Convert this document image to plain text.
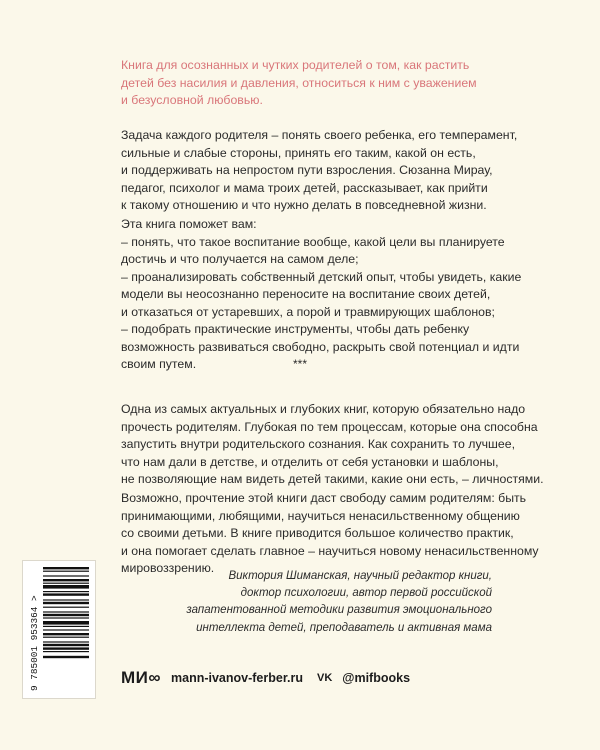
Книга для осознанных и чутких родителей о том, как растить
детей без насилия и давления, относиться к ним с уважением
и безусловной любовью.
Задача каждого родителя – понять своего ребенка, его темперамент,
сильные и слабые стороны, принять его таким, какой он есть,
и поддерживать на непростом пути взросления. Сюзанна Мирау,
педагог, психолог и мама троих детей, рассказывает, как прийти
к такому отношению и что нужно делать в повседневной жизни.
Эта книга поможет вам:
– понять, что такое воспитание вообще, какой цели вы планируете
достичь и что получается на самом деле;
– проанализировать собственный детский опыт, чтобы увидеть, какие
модели вы неосознанно переносите на воспитание своих детей,
и отказаться от устаревших, а порой и травмирующих шаблонов;
– подобрать практические инструменты, чтобы дать ребенку
возможность развиваться свободно, раскрыть свой потенциал и идти
своим путем.	***
Одна из самых актуальных и глубоких книг, которую обязательно надо
прочесть родителям. Глубокая по тем процессам, которые она способна
запустить внутри родительского сознания. Как сохранить то лучшее,
что нам дали в детстве, и отделить от себя установки и шаблоны,
не позволяющие нам видеть детей такими, какие они есть, – личностями.
Возможно, прочтение этой книги даст свободу самим родителям: быть
принимающими, любящими, научиться ненасильственному общению
со своими детьми. В книге приводится большое количество практик,
и она помогает сделать главное – научиться новому ненасильственному
мировоззрению.
Виктория Шиманская, научный редактор книги,
доктор психологии, автор первой российской
запатентованной методики развития эмоционального
интеллекта детей, преподаватель и активная мама
9 785001 953364 >	МИ∞ mann-ivanov-ferber.ru VK @mifbooks
